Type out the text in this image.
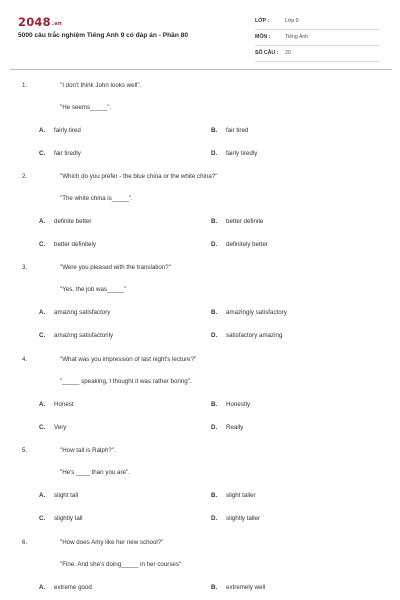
2048.vn
5000 câu trắc nghiệm Tiếng Anh 9 có đáp án - Phần 80
LỚP :	Lớp 9
MÔN :	Tiếng Anh
SỐ CÂU : 20
1.	"I don't think John looks well".
"He seems_____".
A. fairly tired	B. fair tired
C. fair tiredly	D. fairly tiredly
2.	"Which do you prefer - the blue china or the white china?"
"The white china is_____".
A. definite better	B. better definite
C. better definitely	D. definitely better
3.	"Were you pleased with the translation?"
"Yes, the job was_____"
A. amazing satisfactory	B. amazingly satisfactory
C. amazing satisfactorily	D. satisfactory amazing
4.	"What was you impression of last night's lecture?"
"_____ speaking, I thought it was rather boring".
A. Honest	B. Honestly
C. Very	D. Really
5.	"How tall is Ralph?".
"He's ____ than you are".
A. slight tall	B. slight taller
C. slightly tall	D. slightly taller
6.	"How does Amy like her new school?"
"Fine. And she's doing_____ in her courses"
A. extreme good	B. extremely well
